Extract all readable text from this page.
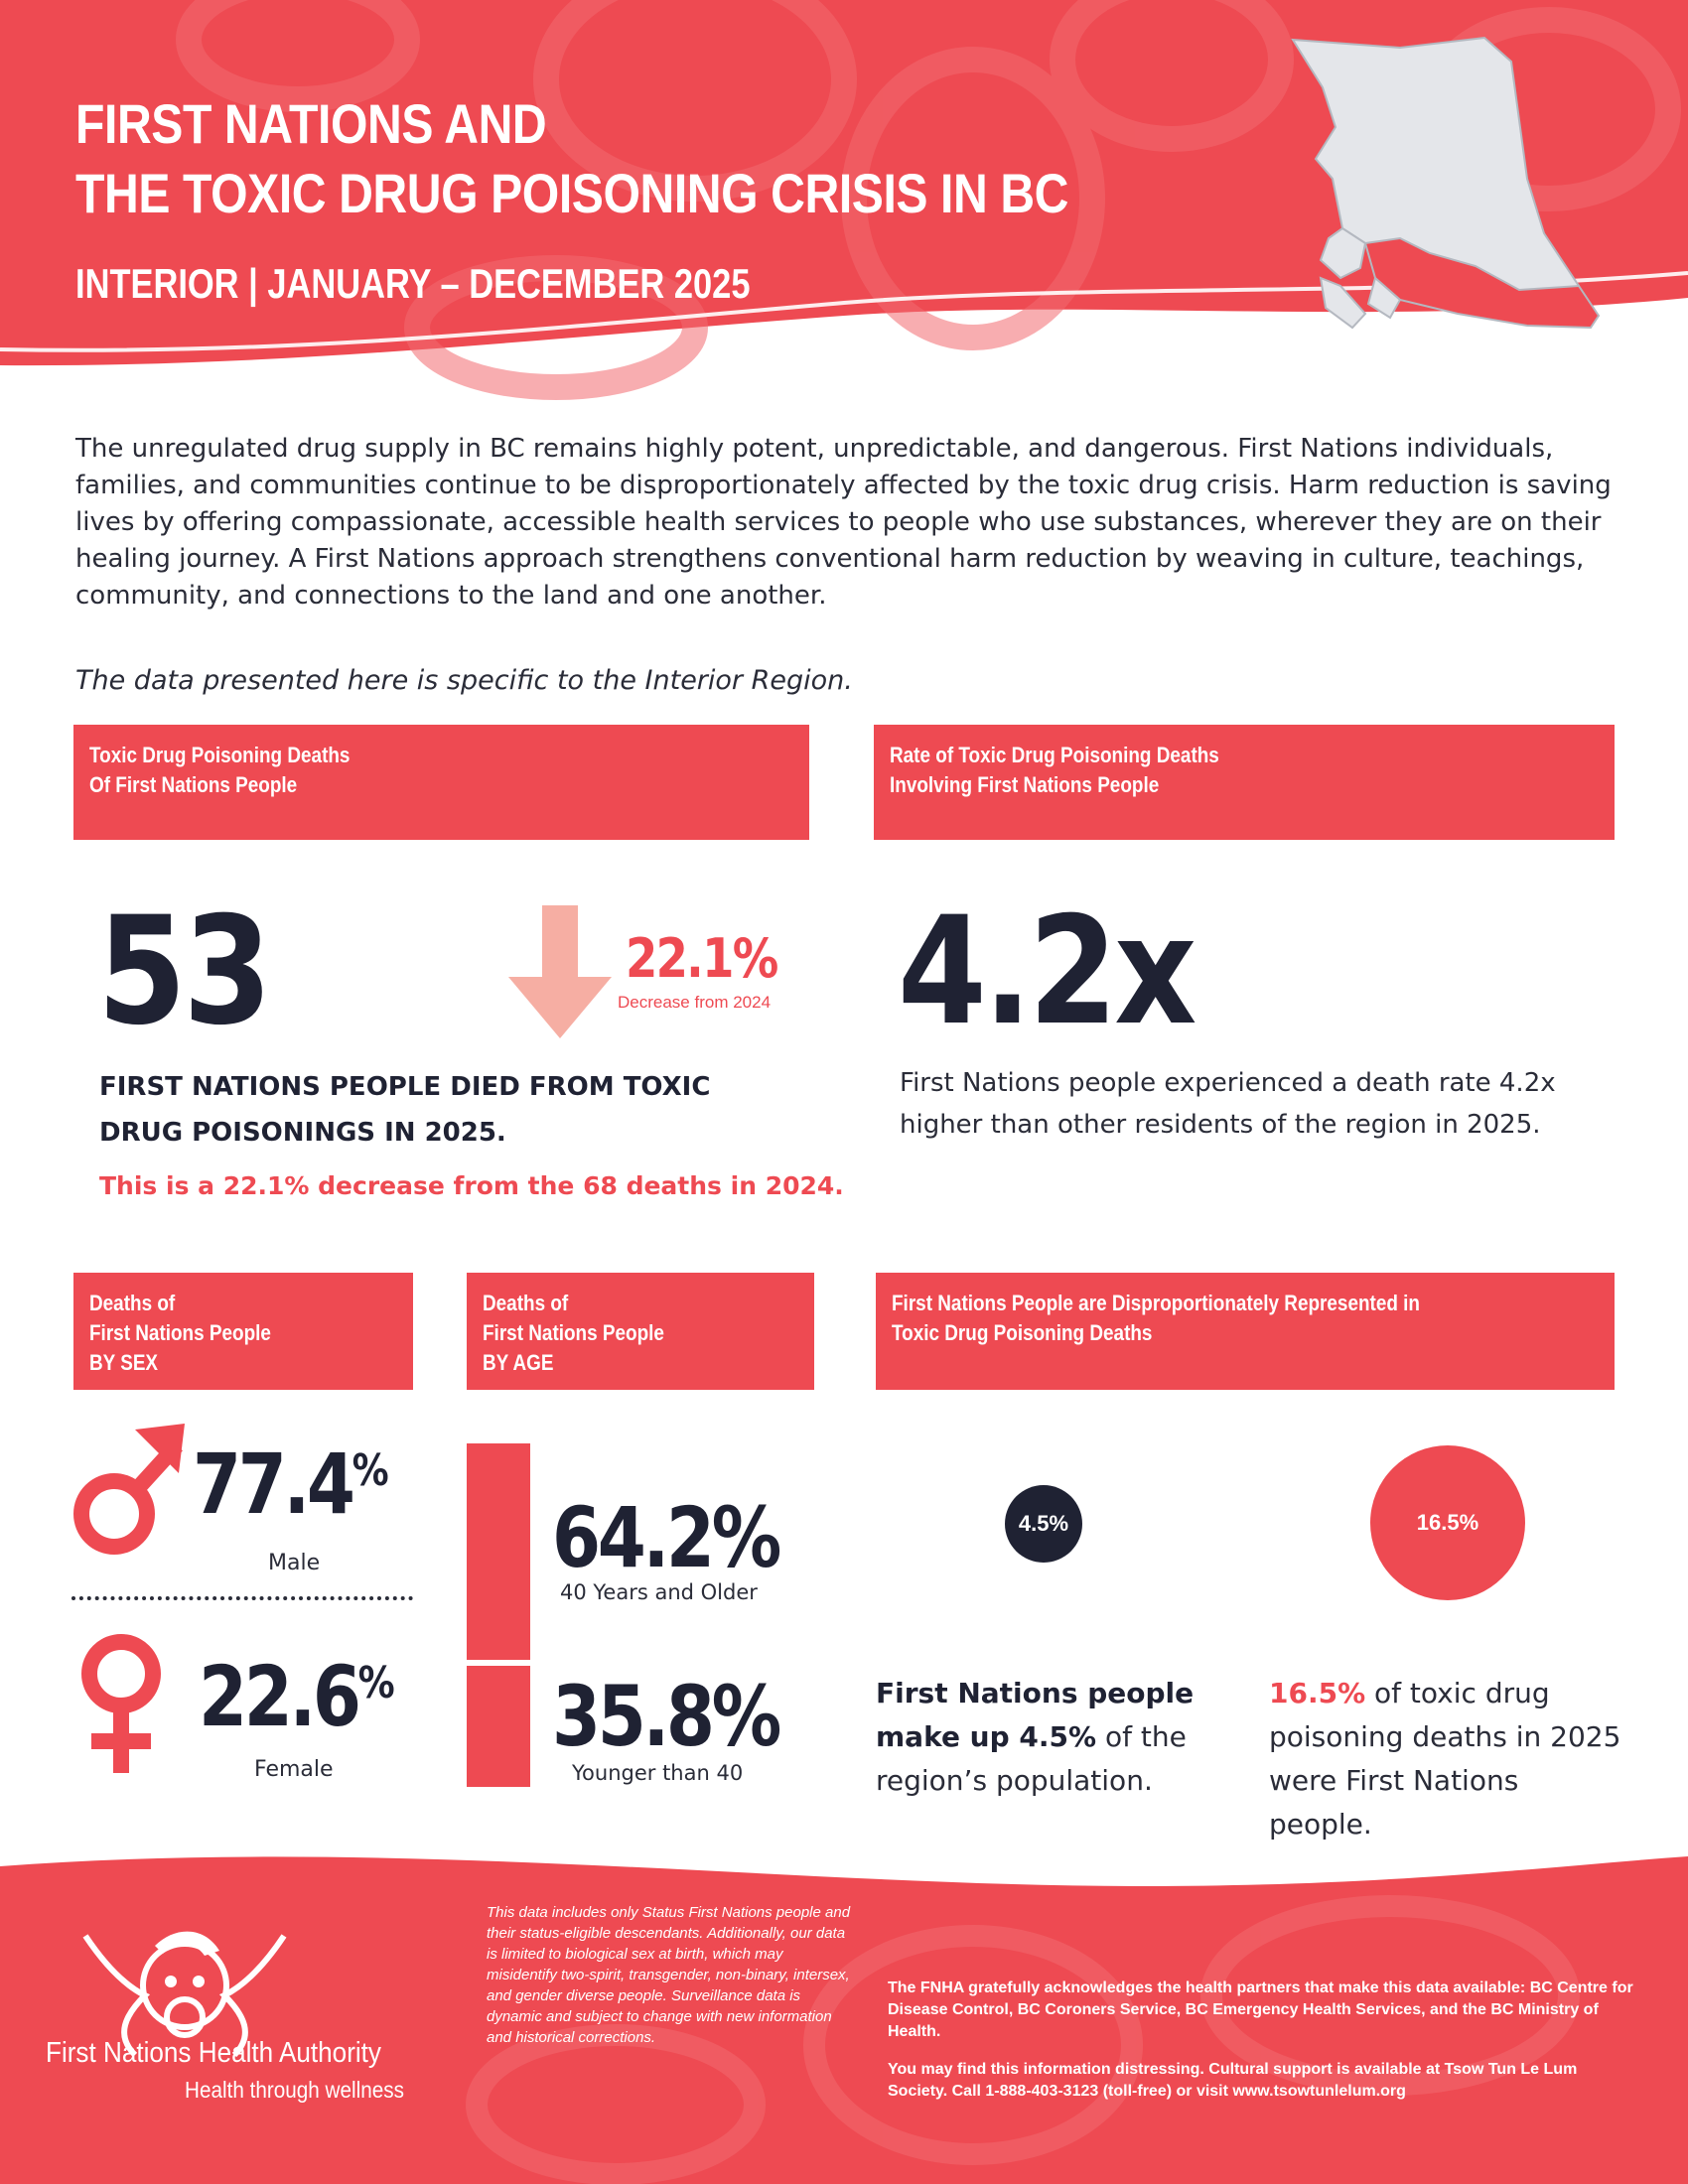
FIRST NATIONS AND
THE TOXIC DRUG POISONING CRISIS IN BC
INTERIOR | JANUARY – DECEMBER 2025

The unregulated drug supply in BC remains highly potent, unpredictable, and dangerous. First Nations individuals, families, and communities continue to be disproportionately affected by the toxic drug crisis. Harm reduction is saving lives by offering compassionate, accessible health services to people who use substances, wherever they are on their healing journey. A First Nations approach strengthens conventional harm reduction by weaving in culture, teachings, community, and connections to the land and one another.

The data presented here is specific to the Interior Region.

Toxic Drug Poisoning Deaths
Of First Nations People
53	22.1%
Decrease from 2024

FIRST NATIONS PEOPLE DIED FROM TOXIC DRUG POISONINGS IN 2025.

This is a 22.1% decrease from the 68 deaths in 2024.

Rate of Toxic Drug Poisoning Deaths
Involving First Nations People
4.2x

First Nations people experienced a death rate 4.2x higher than other residents of the region in 2025.

Deaths of
First Nations People
BY SEX
77.4%
Male
22.6%
Female
Deaths of
First Nations People
BY AGE
64.2%
40 Years and Older
35.8%
Younger than 40
First Nations People are Disproportionately Represented in
Toxic Drug Poisoning Deaths
4.5%	16.5%

First Nations people make up 4.5% of the region’s population.

16.5% of toxic drug poisoning deaths in 2025 were First Nations people.

First Nations Health Authority
Health through wellness

This data includes only Status First Nations people and their status-eligible descendants. Additionally, our data is limited to biological sex at birth, which may misidentify two-spirit, transgender, non-binary, intersex, and gender diverse people. Surveillance data is dynamic and subject to change with new information and historical corrections.

The FNHA gratefully acknowledges the health partners that make this data available: BC Centre for Disease Control, BC Coroners Service, BC Emergency Health Services, and the BC Ministry of Health.

You may find this information distressing. Cultural support is available at Tsow Tun Le Lum Society. Call 1-888-403-3123 (toll-free) or visit www.tsowtunlelum.org
